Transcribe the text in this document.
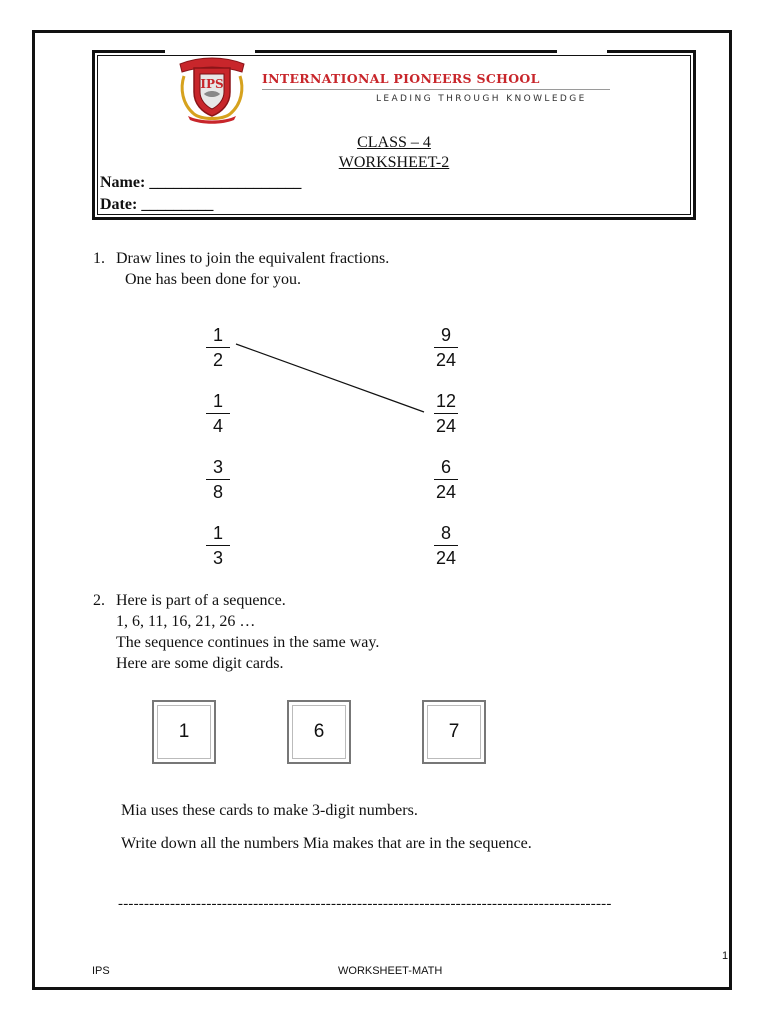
IPS	INTERNATIONAL PIONEERS SCHOOL
LEADING THROUGH KNOWLEDGE
CLASS – 4
WORKSHEET-2
Name: ___________________
Date: _________
1. Draw lines to join the equivalent fractions.
One has been done for you.
1
2
1
4
3
8
1
3
9
24
12
24
6
24
8
24
2. Here is part of a sequence.
1, 6, 11, 16, 21, 26 …
The sequence continues in the same way.
Here are some digit cards.
1	6	7
Mia uses these cards to make 3-digit numbers.
Write down all the numbers Mia makes that are in the sequence.
-----------------------------------------------------------------------------------------------
1
IPS	WORKSHEET-MATH
